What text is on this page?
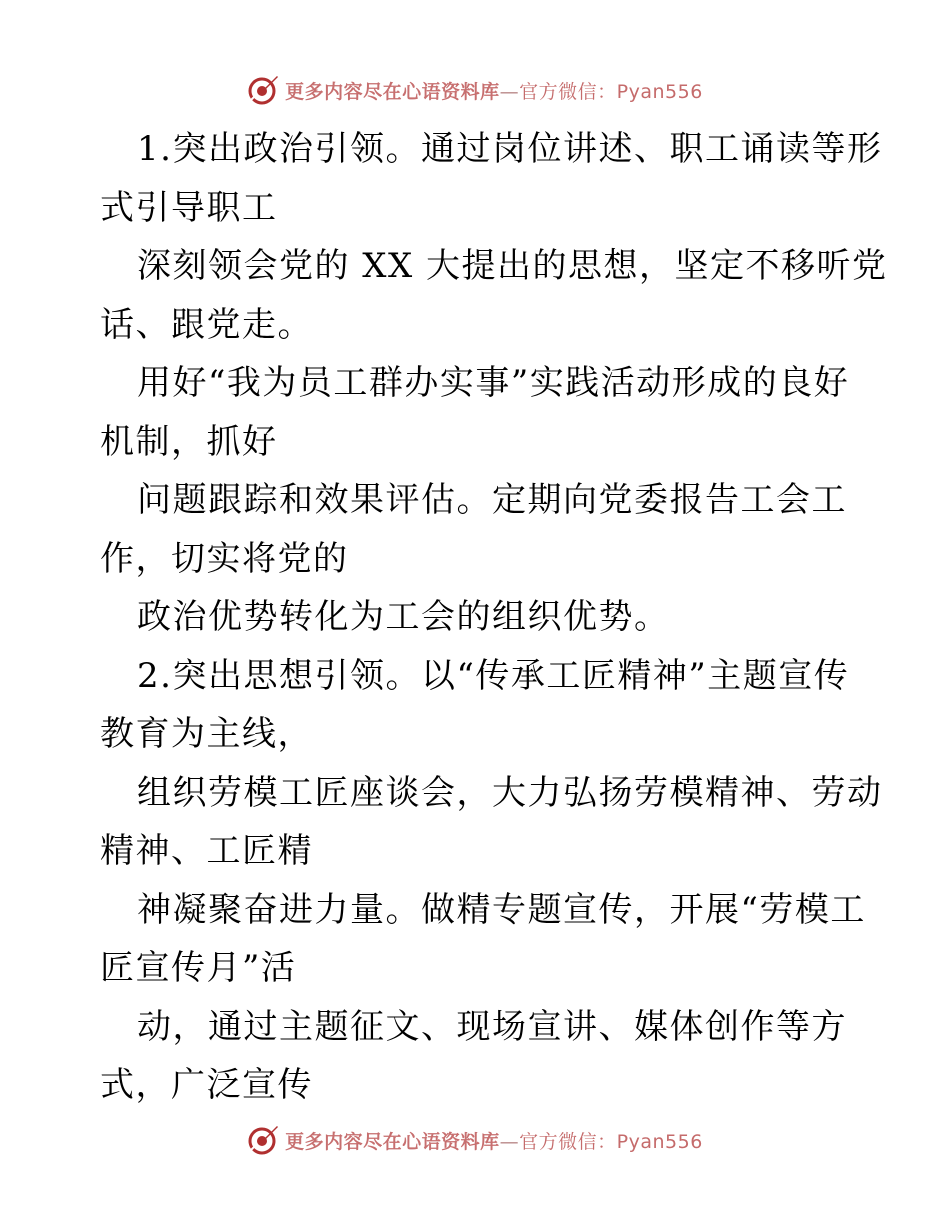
更多内容尽在心语资料库—官方微信：Pyan556
1.突出政治引领。通过岗位讲述、职工诵读等形
式引导职工
深刻领会党的 XX 大提出的思想，坚定不移听党
话、跟党走。
用好“我为员工群办实事”实践活动形成的良好
机制，抓好
问题跟踪和效果评估。定期向党委报告工会工
作，切实将党的
政治优势转化为工会的组织优势。
2.突出思想引领。以“传承工匠精神”主题宣传
教育为主线，
组织劳模工匠座谈会，大力弘扬劳模精神、劳动
精神、工匠精
神凝聚奋进力量。做精专题宣传，开展“劳模工
匠宣传月”活
动，通过主题征文、现场宣讲、媒体创作等方
式，广泛宣传
更多内容尽在心语资料库—官方微信：Pyan556
